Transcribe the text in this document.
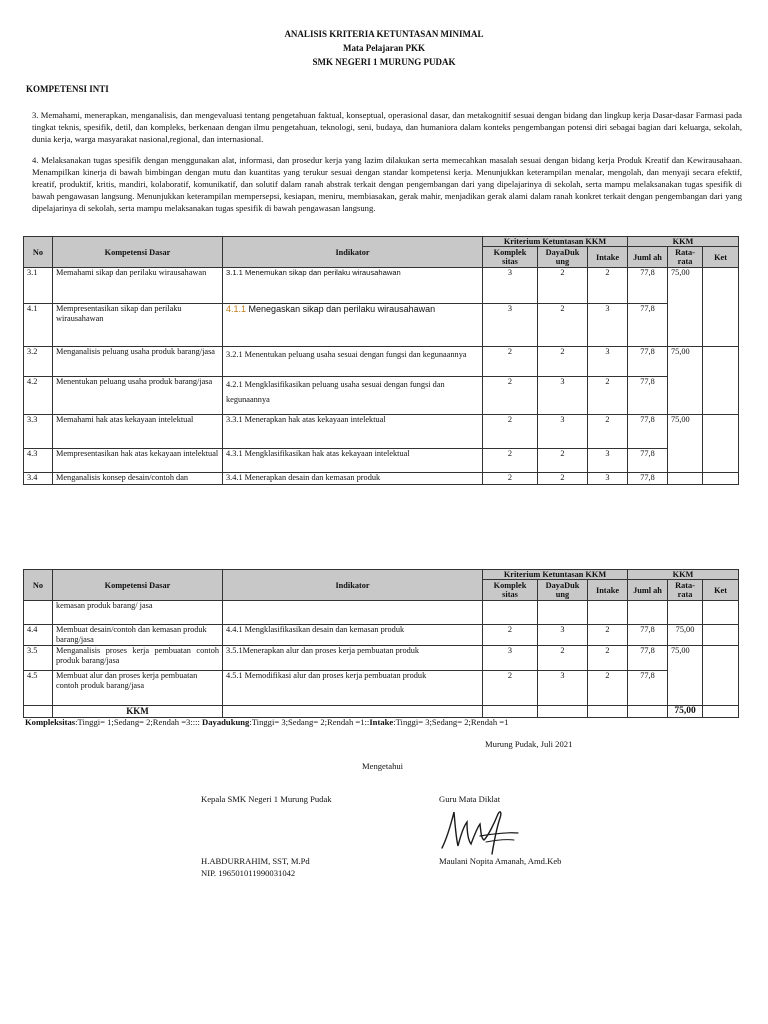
ANALISIS KRITERIA KETUNTASAN MINIMAL
Mata Pelajaran PKK
SMK NEGERI 1 MURUNG PUDAK
KOMPETENSI INTI
3. Memahami, menerapkan, menganalisis, dan mengevaluasi tentang pengetahuan faktual, konseptual, operasional dasar, dan metakognitif sesuai dengan bidang dan lingkup kerja Dasar-dasar Farmasi pada tingkat teknis, spesifik, detil, dan kompleks, berkenaan dengan ilmu pengetahuan, teknologi, seni, budaya, dan humaniora dalam konteks pengembangan potensi diri sebagai bagian dari keluarga, sekolah, dunia kerja, warga masyarakat nasional,regional, dan internasional.
4. Melaksanakan tugas spesifik dengan menggunakan alat, informasi, dan prosedur kerja yang lazim dilakukan serta memecahkan masalah sesuai dengan bidang kerja Produk Kreatif dan Kewirausahaan. Menampilkan kinerja di bawah bimbingan dengan mutu dan kuantitas yang terukur sesuai dengan standar kompetensi kerja. Menunjukkan keterampilan menalar, mengolah, dan menyaji secara efektif, kreatif, produktif, kritis, mandiri, kolaboratif, komunikatif, dan solutif dalam ranah abstrak terkait dengan pengembangan dari yang dipelajarinya di sekolah, serta mampu melaksanakan tugas spesifik di bawah pengawasan langsung. Menunjukkan keterampilan mempersepsi, kesiapan, meniru, membiasakan, gerak mahir, menjadikan gerak alami dalam ranah konkret terkait dengan pengembangan dari yang dipelajarinya di sekolah, serta mampu melaksanakan tugas spesifik di bawah pengawasan langsung.
No	Kompetensi Dasar	Indikator	Kriterium Ketuntasan KKM			KKM		
			Komplek sitas	DayaDuk ung	Intake	Juml ah	Rata- rata	Ket
3.1	Memahami sikap dan perilaku wirausahawan	3.1.1 Menemukan sikap dan perilaku wirausahawan	3	2	2	77,8	75,00	
4.1	Mempresentasikan sikap dan perilaku wirausahawan	4.1.1 Menegaskan sikap dan perilaku wirausahawan	3	2	3	77,8		
3.2	Menganalisis peluang usaha produk barang/jasa	3.2.1 Menentukan peluang usaha sesuai dengan fungsi dan kegunaannya	2	2	3	77,8	75,00	
4.2	Menentukan peluang usaha produk barang/jasa	4.2.1 Mengklasifikasikan peluang usaha sesuai dengan fungsi dan kegunaannya	2	3	2	77,8		
3.3	Memahami hak atas kekayaan intelektual	3.3.1 Menerapkan hak atas kekayaan intelektual	2	3	2	77,8	75,00	
4.3	Mempresentasikan hak atas kekayaan intelektual	4.3.1 Mengklasifikasikan hak atas kekayaan intelektual	2	2	3	77,8		
3.4	Menganalisis konsep desain/contoh dan	3.4.1 Menerapkan desain dan kemasan produk	2	2	3	77,8		
No	Kompetensi Dasar	Indikator	Kriterium Ketuntasan KKM			KKM		
			Komplek sitas	DayaDuk ung	Intake	Juml ah	Rata- rata	Ket
	kemasan produk barang/ jasa							
4.4	Membuat desain/contoh dan kemasan produk barang/jasa	4.4.1 Mengklasifikasikan desain dan kemasan produk	2	3	2	77,8	75,00	
3.5	Menganalisis proses kerja pembuatan contoh produk barang/jasa	3.5.1Menerapkan alur dan proses kerja pembuatan produk	3	2	2	77,8	75,00	
4.5	Membuat alur dan proses kerja pembuatan contoh produk barang/jasa	4.5.1 Memodifikasi alur dan proses kerja pembuatan produk	2	3	2	77,8		
	KKM						75,00	
Kompleksitas:Tinggi= 1;Sedang= 2;Rendah =3:::: Dayadukung:Tinggi= 3;Sedang= 2;Rendah =1::Intake:Tinggi= 3;Sedang= 2;Rendah =1
Murung Pudak, Juli 2021
Mengetahui
Kepala SMK Negeri 1 Murung Pudak	Guru Mata Diklat
H.ABDURRAHIM, SST, M.Pd
NIP. 196501011990031042
Maulani Nopita Amanah, Amd.Keb
